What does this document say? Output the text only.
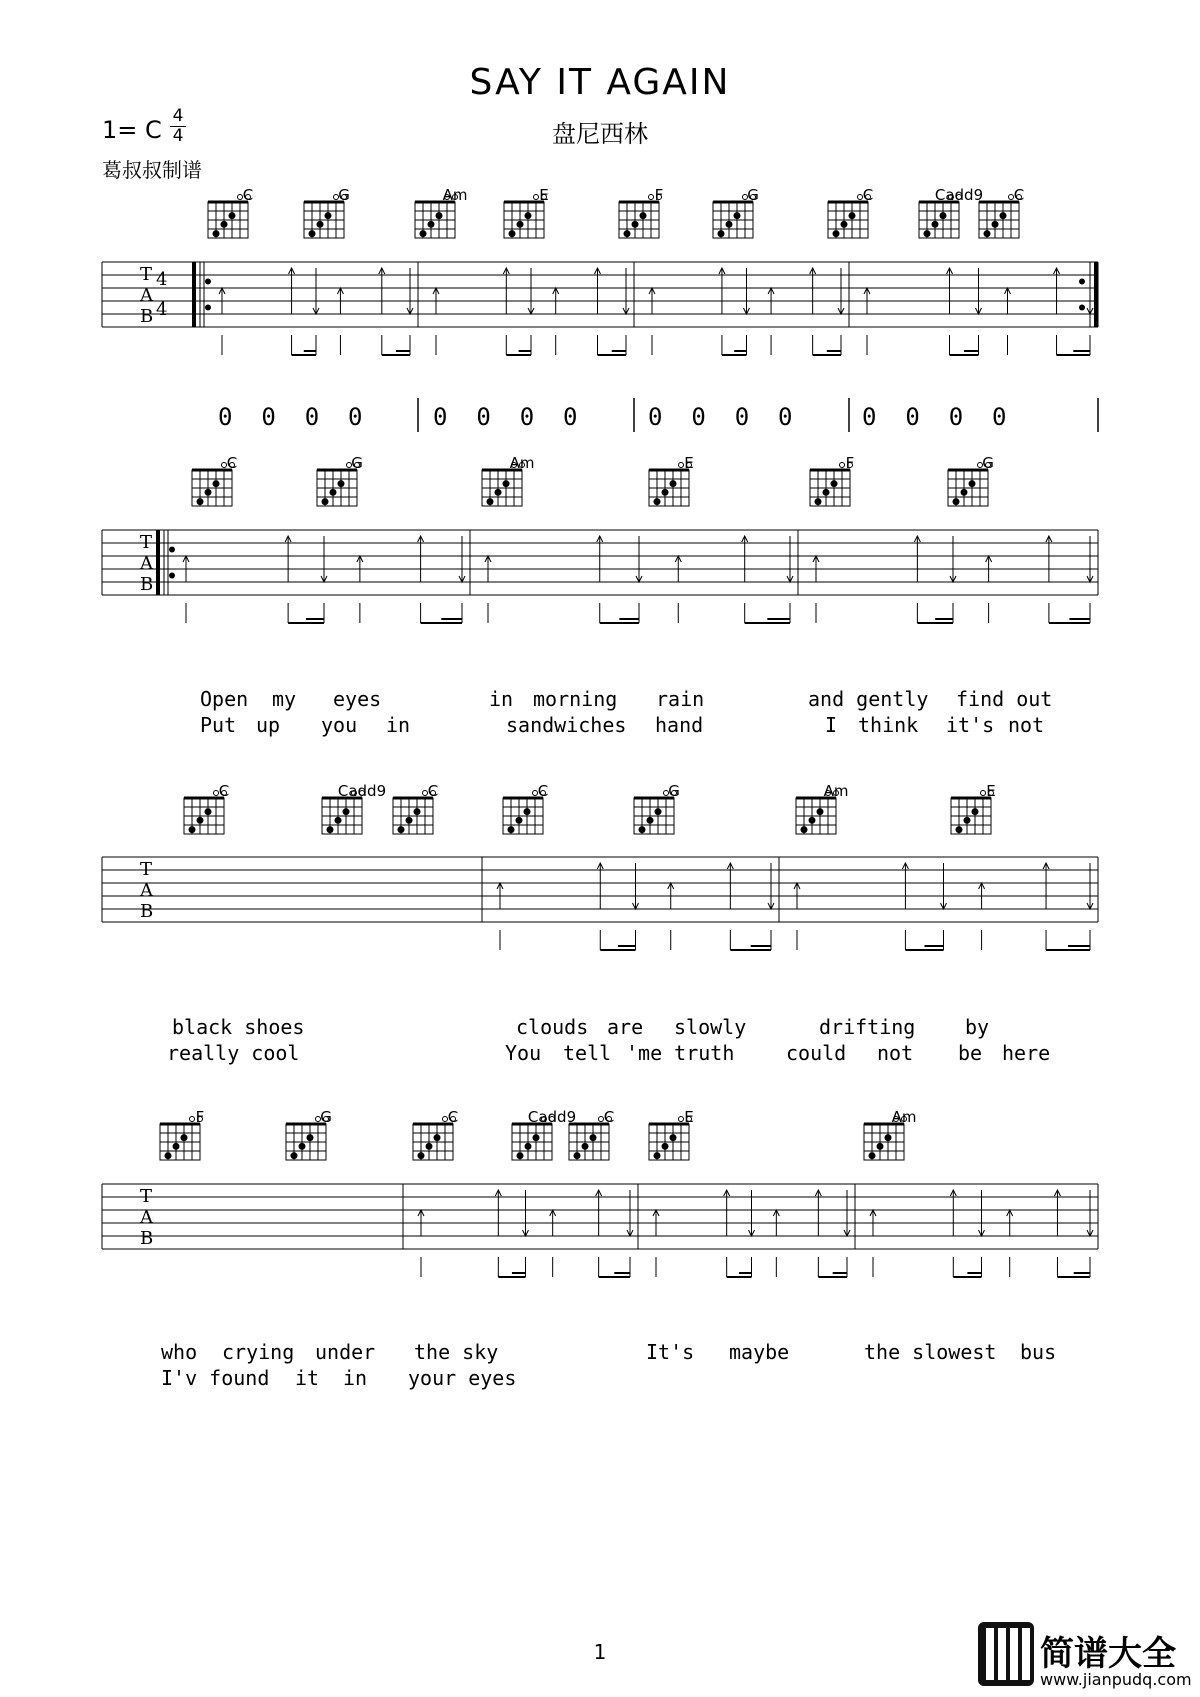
SAY IT AGAIN
盘尼西林
1= C 4
4
葛叔叔制谱
T
A
B
4
4
T
A
B
T
A
B
T
A
B
C	G	Am	E	F	G	C	Cadd9	C
C	G	Am	E	F	G
C	Cadd9	C	C	G	Am	E
F	G	C	Cadd9	C	E	Am
0  0  0  0	0  0  0  0	0  0  0  0	0  0  0  0
Open my eyes	in morning rain	and gently find out
Put up you in	sandwiches hand	I think it's not
black shoes	clouds are slowly	drifting by
really cool	You tell 'me truth	could not be here
who crying under the sky	It's maybe	the slowest bus
I'v found it in your eyes
1	简谱大全
www.jianpudq.com
